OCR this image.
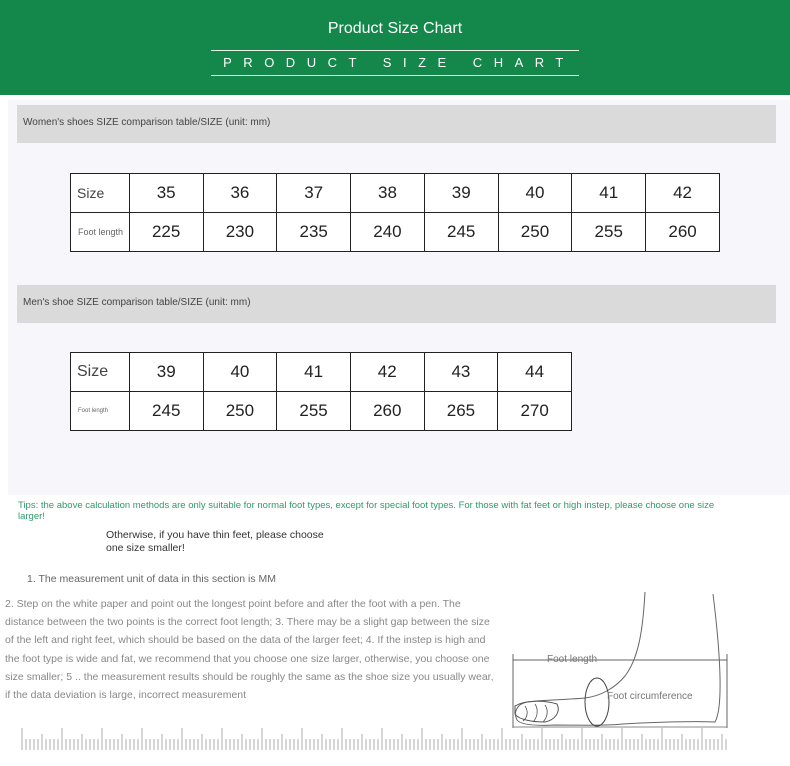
Product Size Chart
PRODUCT SIZE CHART
Women's shoes SIZE comparison table/SIZE (unit: mm)
Size	35	36	37	38	39	40	41	42
Foot length	225	230	235	240	245	250	255	260
Men's shoe SIZE comparison table/SIZE (unit: mm)
Size	39	40	41	42	43	44
Foot length	245	250	255	260	265	270
Tips: the above calculation methods are only suitable for normal foot types, except for special foot types. For those with fat feet or high instep, please choose one size larger!
Otherwise, if you have thin feet, please choose one size smaller!
1. The measurement unit of data in this section is MM
2. Step on the white paper and point out the longest point before and after the foot with a pen. The distance between the two points is the correct foot length; 3. There may be a slight gap between the size of the left and right feet, which should be based on the data of the larger feet; 4. If the instep is high and the foot type is wide and fat, we recommend that you choose one size larger, otherwise, you choose one size smaller; 5 .. the measurement results should be roughly the same as the shoe size you usually wear, if the data deviation is large, incorrect measurement
Foot length
Foot circumference
